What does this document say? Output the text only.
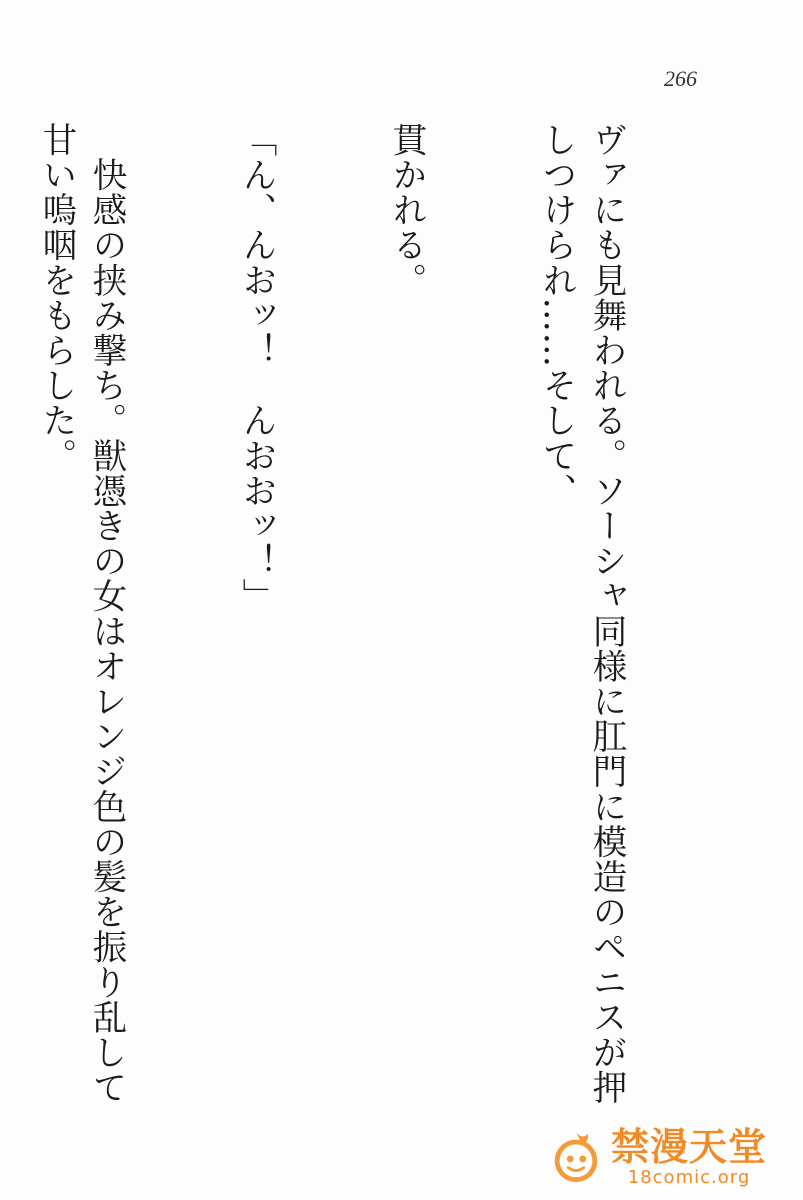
266

ヴァにも見舞われる。ソーシャ同様に肛門に模造のペニスが押しつけられ……そして、

貫かれる。

「ん、んおッ！　んおおッ！」

　快感の挟み撃ち。獣憑きの女はオレンジ色の髪を振り乱して甘い嗚咽をもらした。

禁漫天堂
18comic.org
